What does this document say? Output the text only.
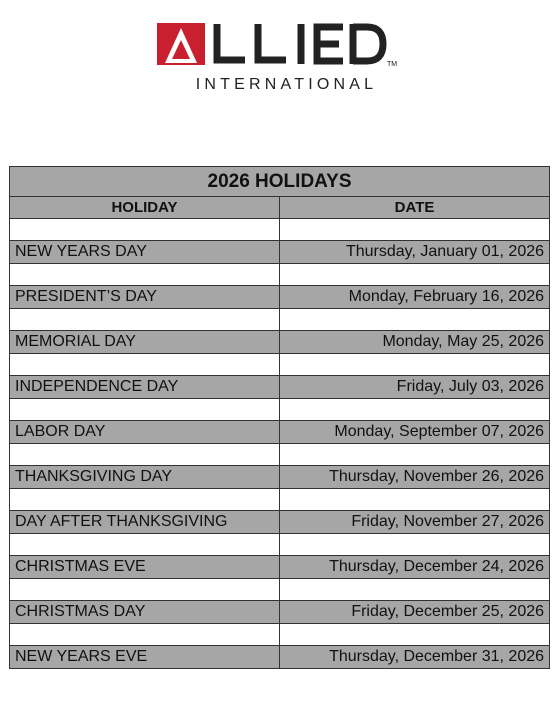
TM
INTERNATIONAL
2026 HOLIDAYS	
HOLIDAY	DATE

NEW YEARS DAY	Thursday, January 01, 2026

PRESIDENT’S DAY	Monday, February 16, 2026

MEMORIAL DAY	Monday, May 25, 2026

INDEPENDENCE DAY	Friday, July 03, 2026

LABOR DAY	Monday, September 07, 2026

THANKSGIVING DAY	Thursday, November 26, 2026

DAY AFTER THANKSGIVING	Friday, November 27, 2026

CHRISTMAS EVE	Thursday, December 24, 2026

CHRISTMAS DAY	Friday, December 25, 2026

NEW YEARS EVE	Thursday, December 31, 2026
